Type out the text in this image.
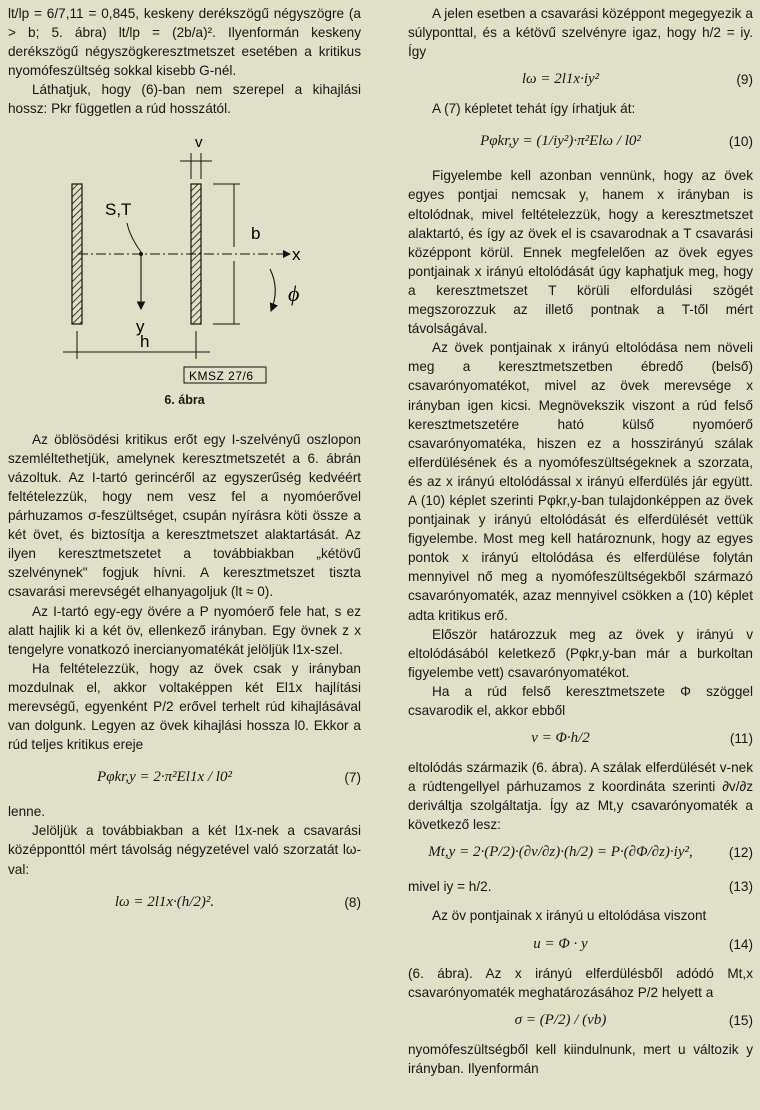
lt/lp = 6/7,11 = 0,845, keskeny derékszögű négyszögre (a > b; 5. ábra) lt/lp = (2b/a)². Ilyenformán keskeny derékszögű négyszögkeresztmetszet esetében a kritikus nyomófeszültség sokkal kisebb G-nél.

Láthatjuk, hogy (6)-ban nem szerepel a kihajlási hossz: Pkr független a rúd hosszától.

v
x
y
S,T
b
ϕ
h
KMSZ 27/6
6. ábra

Az öblösödési kritikus erőt egy I-szelvényű oszlopon szemléltethetjük, amelynek keresztmetszetét a 6. ábrán vázoltuk. Az I-tartó gerincéről az egyszerűség kedvéért feltételezzük, hogy nem vesz fel a nyomóerővel párhuzamos σ-feszültséget, csupán nyírásra köti össze a két övet, és biztosítja a keresztmetszet alaktartását. Az ilyen keresztmetszetet a továbbiakban „kétövű szelvénynek" fogjuk hívni. A keresztmetszet tiszta csavarási merevségét elhanyagoljuk (lt ≈ 0).

Az I-tartó egy-egy övére a P nyomóerő fele hat, s ez alatt hajlik ki a két öv, ellenkező irányban. Egy övnek z x tengelyre vonatkozó inercianyomatékát jelöljük l1x-szel.

Ha feltételezzük, hogy az övek csak y irányban mozdulnak el, akkor voltaképpen két El1x hajlítási merevségű, egyenként P/2 erővel terhelt rúd kihajlásával van dolgunk. Legyen az övek kihajlási hossza l0. Ekkor a rúd teljes kritikus ereje

Pφkr,y = 2·π²El1x / l0²	(7)

lenne.

Jelöljük a továbbiakban a két l1x-nek a csavarási középponttól mért távolság négyzetével való szorzatát lω-val:

lω = 2l1x·(h/2)².	(8)

A jelen esetben a csavarási középpont megegyezik a súlyponttal, és a kétövű szelvényre igaz, hogy h/2 = iy. Így

lω = 2l1x·iy²	(9)

A (7) képletet tehát így írhatjuk át:

Pφkr,y = (1/iy²)·π²Elω / l0²	(10)

Figyelembe kell azonban vennünk, hogy az övek egyes pontjai nemcsak y, hanem x irányban is eltolódnak, mivel feltételezzük, hogy a keresztmetszet alaktartó, és így az övek el is csavarodnak a T csavarási középpont körül. Ennek megfelelően az övek egyes pontjainak x irányú eltolódását úgy kaphatjuk meg, hogy a keresztmetszet T körüli elfordulási szögét megszorozzuk az illető pontnak a T-től mért távolságával.

Az övek pontjainak x irányú eltolódása nem növeli meg a keresztmetszetben ébredő (belső) csavarónyomatékot, mivel az övek merevsége x irányban igen kicsi. Megnövekszik viszont a rúd felső keresztmetszetére ható külső nyomóerő csavarónyomatéka, hiszen ez a hosszirányú szálak elferdülésének és a nyomófeszültségeknek a szorzata, és az x irányú eltolódással x irányú elferdülés jár együtt. A (10) képlet szerinti Pφkr,y-ban tulajdonképpen az övek pontjainak y irányú eltolódását és elferdülését vettük figyelembe. Most meg kell határoznunk, hogy az egyes pontok x irányú eltolódása és elferdülése folytán mennyivel nő meg a nyomófeszültségekből származó csavarónyomaték, azaz mennyivel csökken a (10) képlet adta kritikus erő.

Először határozzuk meg az övek y irányú v eltolódásából keletkező (Pφkr,y-ban már a burkoltan figyelembe vett) csavarónyomatékot.

Ha a rúd felső keresztmetszete Φ szöggel csavarodik el, akkor ebből

v = Φ·h/2	(11)

eltolódás származik (6. ábra). A szálak elferdülését v-nek a rúdtengellyel párhuzamos z koordináta szerinti ∂v/∂z deriváltja szolgáltatja. Így az Mt,y csavarónyomaték a következő lesz:

Mt,y = 2·(P/2)·(∂v/∂z)·(h/2) = P·(∂Φ/∂z)·iy²,	(12)
mivel iy = h/2.	(13)

Az öv pontjainak x irányú u eltolódása viszont

u = Φ · y	(14)

(6. ábra). Az x irányú elferdülésből adódó Mt,x csavarónyomaték meghatározásához P/2 helyett a

σ = (P/2) / (vb)	(15)

nyomófeszültségből kell kiindulnunk, mert u változik y irányban. Ilyenformán
